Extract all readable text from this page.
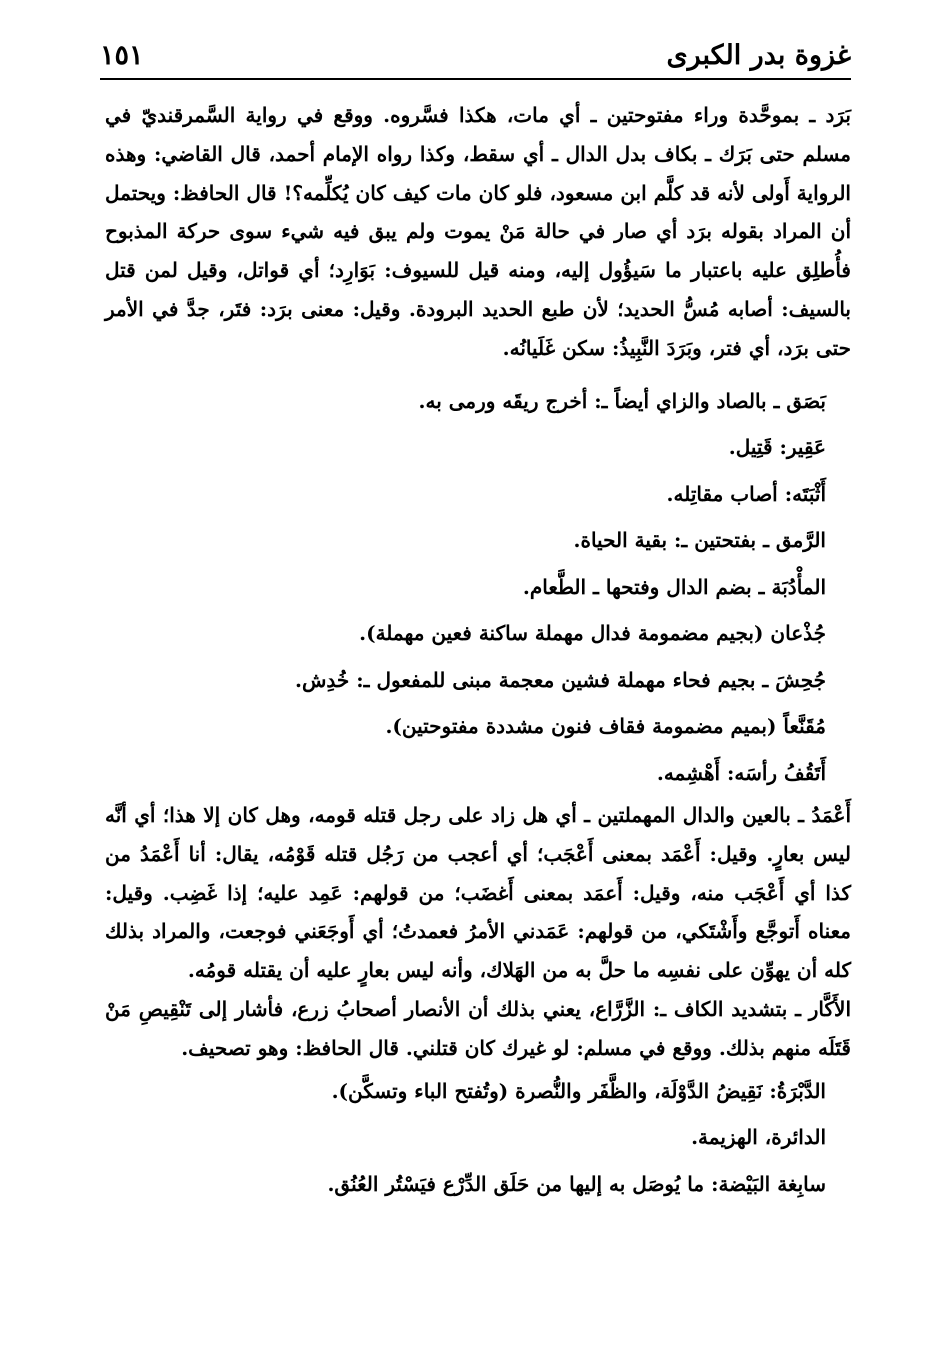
غزوة بدر الكبرى
١٥١

بَرَد ـ بموحَّدة وراء مفتوحتين ـ أي مات، هكذا فسَّروه. ووقع في رواية السَّمرقنديّ في مسلم حتى بَرَك ـ بكاف بدل الدال ـ أي سقط، وكذا رواه الإمام أحمد، قال القاضي: وهذه الرواية أَولى لأنه قد كلَّم ابن مسعود، فلو كان مات كيف كان يُكلِّمه؟! قال الحافظ: ويحتمل أن المراد بقوله برَد أي صار في حالة مَنْ يموت ولم يبق فيه شيء سوى حركة المذبوح فأُطلِق عليه باعتبار ما سَيؤُول إليه، ومنه قيل للسيوف: بَوَارِد؛ أي قواتل، وقيل لمن قتل بالسيف: أصابه مُسُّ الحديد؛ لأن طبع الحديد البرودة. وقيل: معنى برَد: فتَر، جدَّ في الأمر حتى برَد، أي فتر، وبَرَدَ النَّبِيذُ: سكن غَلَيانُه.

بَصَق ـ بالصاد والزاي أيضاً ـ: أخرج ريقَه ورمى به.

عَقِير: قَتِيل.

أَثْبَتَه: أصاب مقاتِله.

الرَّمق ـ بفتحتين ـ: بقية الحياة.

المأْدُبَة ـ بضم الدال وفتحها ـ الطَّعام.

جُذْعان (بجيم مضمومة فدال مهملة ساكنة فعين مهملة).

جُحِشَ ـ بجيم فحاء مهملة فشين معجمة مبنى للمفعول ـ: خُدِش.

مُقَنَّعاً (بميم مضمومة فقاف فنون مشددة مفتوحتين).

أَتَقُفُ رأسَه: أَهْشِمه.

أَعْمَدُ ـ بالعين والدال المهملتين ـ أي هل زاد على رجل قتله قومه، وهل كان إلا هذا؛ أي أنَّه ليس بعارٍ. وقيل: أَعْمَد بمعنى أَعْجَب؛ أي أعجب من رَجُل قتله قَوْمُه، يقال: أنا أَعْمَدُ من كذا أي أَعْجَب منه، وقيل: أَعمَد بمعنى أَغضَب؛ من قولهم: عَمِد عليه؛ إذا غَضِب. وقيل: معناه أَتوجَّع وأَشْتَكي، من قولهم: عَمَدني الأمرُ فعمدتُ؛ أي أَوجَعَني فوجعت، والمراد بذلك كله أن يهوِّن على نفسِه ما حلَّ به من الهَلاك، وأنه ليس بعارٍ عليه أن يقتله قومُه.

الأَكَّار ـ بتشديد الكاف ـ: الزَّرَّاع، يعني بذلك أن الأنصار أصحابُ زرع، فأشار إلى تَنْقِيصِ مَنْ قَتَلَه منهم بذلك. ووقع في مسلم: لو غيرك كان قتلني. قال الحافظ: وهو تصحيف.

الدَّبْرَةُ: نَقِيضُ الدَّوْلَة، والظَّفَر والنُّصرة (وتُفتح الباء وتسكَّن).

الدائرة، الهزيمة.

سابِغة البَيْضة: ما يُوصَل به إليها من حَلَق الدِّرْع فيَسْتُر العُنُق.
